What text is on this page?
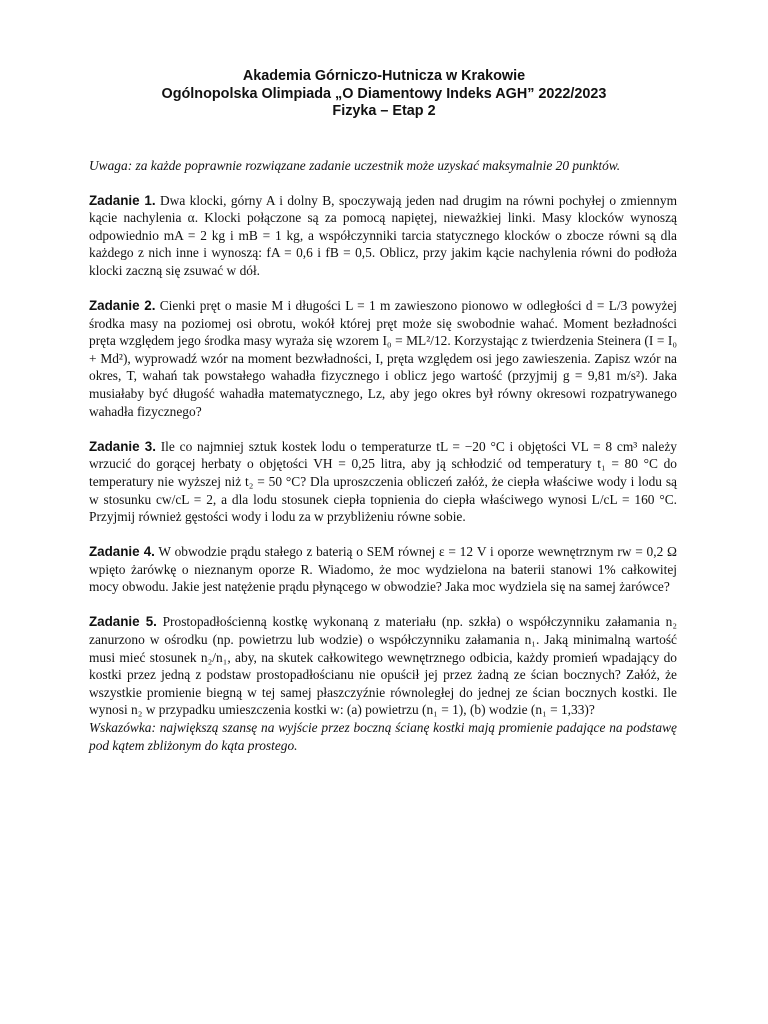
Akademia Górniczo-Hutnicza w Krakowie
Ogólnopolska Olimpiada „O Diamentowy Indeks AGH” 2022/2023
Fizyka – Etap 2

Uwaga: za każde poprawnie rozwiązane zadanie uczestnik może uzyskać maksymalnie 20 punktów.

Zadanie 1. Dwa klocki, górny A i dolny B, spoczywają jeden nad drugim na równi pochyłej o zmiennym kącie nachylenia α. Klocki połączone są za pomocą napiętej, nieważkiej linki. Masy klocków wynoszą odpowiednio mA = 2 kg i mB = 1 kg, a współczynniki tarcia statycznego klocków o zbocze równi są dla każdego z nich inne i wynoszą: fA = 0,6 i fB = 0,5. Oblicz, przy jakim kącie nachylenia równi do podłoża klocki zaczną się zsuwać w dół.

Zadanie 2. Cienki pręt o masie M i długości L = 1 m zawieszono pionowo w odległości d = L/3 powyżej środka masy na poziomej osi obrotu, wokół której pręt może się swobodnie wahać. Moment bezładności pręta względem jego środka masy wyraża się wzorem I₀ = ML²/12. Korzystając z twierdzenia Steinera (I = I₀ + Md²), wyprowadź wzór na moment bezwładności, I, pręta względem osi jego zawieszenia. Zapisz wzór na okres, T, wahań tak powstałego wahadła fizycznego i oblicz jego wartość (przyjmij g = 9,81 m/s²). Jaka musiałaby być długość wahadła matematycznego, Lz, aby jego okres był równy okresowi rozpatrywanego wahadła fizycznego?

Zadanie 3. Ile co najmniej sztuk kostek lodu o temperaturze tL = −20 °C i objętości VL = 8 cm³ należy wrzucić do gorącej herbaty o objętości VH = 0,25 litra, aby ją schłodzić od temperatury t₁ = 80 °C do temperatury nie wyższej niż t₂ = 50 °C? Dla uproszczenia obliczeń załóż, że ciepła właściwe wody i lodu są w stosunku cw/cL = 2, a dla lodu stosunek ciepła topnienia do ciepła właściwego wynosi L/cL = 160 °C. Przyjmij również gęstości wody i lodu za w przybliżeniu równe sobie.

Zadanie 4. W obwodzie prądu stałego z baterią o SEM równej ε = 12 V i oporze wewnętrznym rw = 0,2 Ω wpięto żarówkę o nieznanym oporze R. Wiadomo, że moc wydzielona na baterii stanowi 1% całkowitej mocy obwodu. Jakie jest natężenie prądu płynącego w obwodzie? Jaka moc wydziela się na samej żarówce?

Zadanie 5. Prostopadłościenną kostkę wykonaną z materiału (np. szkła) o współczynniku załamania n₂ zanurzono w ośrodku (np. powietrzu lub wodzie) o współczynniku załamania n₁. Jaką minimalną wartość musi mieć stosunek n₂/n₁, aby, na skutek całkowitego wewnętrznego odbicia, każdy promień wpadający do kostki przez jedną z podstaw prostopadłościanu nie opuścił jej przez żadną ze ścian bocznych? Załóż, że wszystkie promienie biegną w tej samej płaszczyźnie równoległej do jednej ze ścian bocznych kostki. Ile wynosi n₂ w przypadku umieszczenia kostki w: (a) powietrzu (n₁ = 1), (b) wodzie (n₁ = 1,33)?

Wskazówka: największą szansę na wyjście przez boczną ścianę kostki mają promienie padające na podstawę pod kątem zbliżonym do kąta prostego.
